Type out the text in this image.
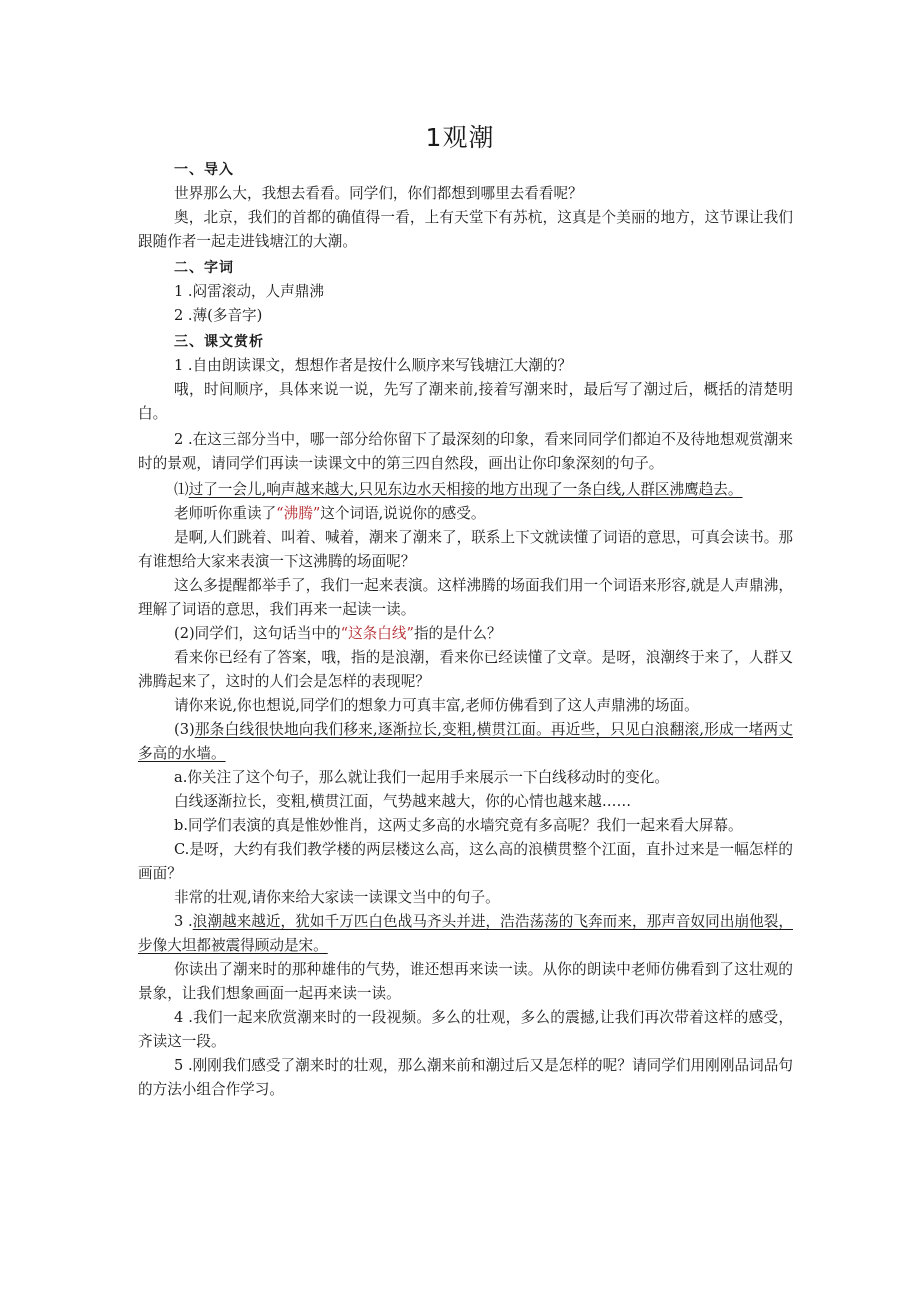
1观潮

一、导入

世界那么大，我想去看看。同学们，你们都想到哪里去看看呢？

奥，北京，我们的首都的确值得一看，上有天堂下有苏杭，这真是个美丽的地方，这节课让我们跟随作者一起走进钱塘江的大潮。

二、字词

1 .闷雷滚动，人声鼎沸

2 .薄(多音字)

三、课文赏析

1 .自由朗读课文，想想作者是按什么顺序来写钱塘江大潮的？

哦，时间顺序，具体来说一说，先写了潮来前,接着写潮来时，最后写了潮过后，概括的清楚明白。

2 .在这三部分当中，哪一部分给你留下了最深刻的印象，看来同同学们都迫不及待地想观赏潮来时的景观，请同学们再读一读课文中的第三四自然段，画出让你印象深刻的句子。

⑴过了一会儿,响声越来越大,只见东边水天相接的地方出现了一条白线,人群区沸鹰趋去。

老师听你重读了“沸腾”这个词语,说说你的感受。

是啊,人们跳着、叫着、喊着，潮来了潮来了，联系上下文就读懂了词语的意思，可真会读书。那有谁想给大家来表演一下这沸腾的场面呢？

这么多提醒都举手了，我们一起来表演。这样沸腾的场面我们用一个词语来形容,就是人声鼎沸，理解了词语的意思，我们再来一起读一读。

(2)同学们，这句话当中的“这条白线”指的是什么？

看来你已经有了答案，哦，指的是浪潮，看来你已经读懂了文章。是呀，浪潮终于来了，人群又沸腾起来了，这时的人们会是怎样的表现呢？

请你来说,你也想说,同学们的想象力可真丰富,老师仿佛看到了这人声鼎沸的场面。

(3)那条白线很快地向我们移来,逐渐拉长,变粗,横贯江面。再近些，只见白浪翻滚,形成一堵两丈多高的水墙。

a.你关注了这个句子，那么就让我们一起用手来展示一下白线移动时的变化。

白线逐渐拉长，变粗,横贯江面，气势越来越大，你的心情也越来越……

b.同学们表演的真是惟妙惟肖，这两丈多高的水墙究竟有多高呢？我们一起来看大屏幕。

C.是呀，大约有我们教学楼的两层楼这么高，这么高的浪横贯整个江面，直扑过来是一幅怎样的画面？

非常的壮观,请你来给大家读一读课文当中的句子。

3 .浪潮越来越近，犹如千万匹白色战马齐头并进，浩浩荡荡的飞奔而来，那声音奴同出崩他裂，步像大坦都被震得顾动是宋。

你读出了潮来时的那种雄伟的气势，谁还想再来读一读。从你的朗读中老师仿佛看到了这壮观的景象，让我们想象画面一起再来读一读。

4 .我们一起来欣赏潮来时的一段视频。多么的壮观，多么的震撼,让我们再次带着这样的感受，齐读这一段。

5 .刚刚我们感受了潮来时的壮观，那么潮来前和潮过后又是怎样的呢？请同学们用刚刚品词品句的方法小组合作学习。
